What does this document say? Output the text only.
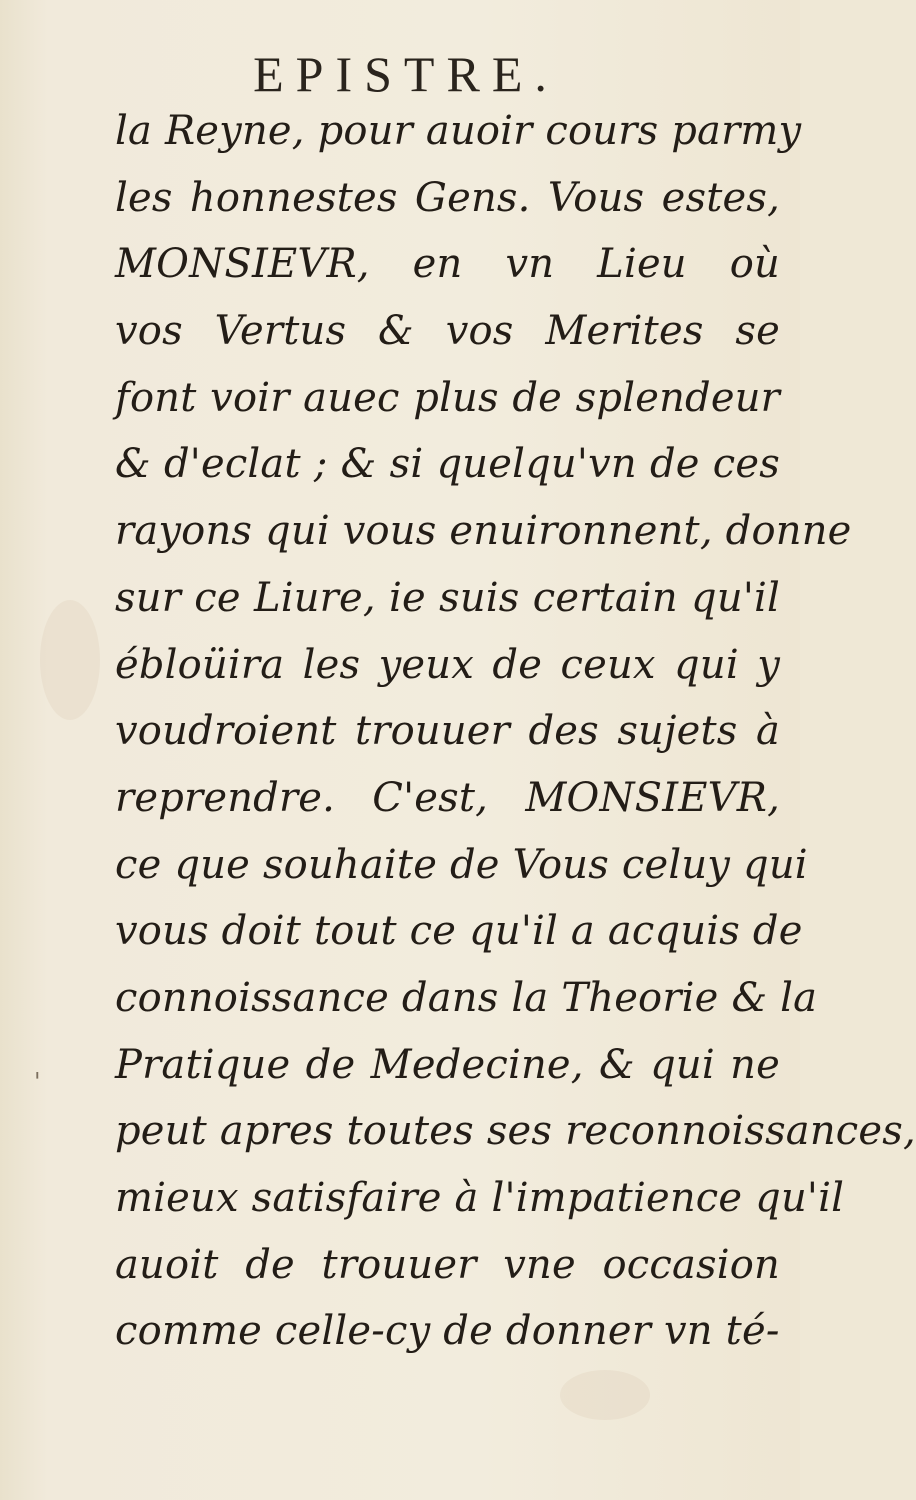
EPISTRE.
la Reyne, pour auoir cours parmy
les honnestes Gens. Vous estes,
MONSIEVR, en vn Lieu où
vos Vertus & vos Merites se
font voir auec plus de splendeur
& d'eclat ; & si quelqu'vn de ces
rayons qui vous enuironnent, donne
sur ce Liure, ie suis certain qu'il
ébloüira les yeux de ceux qui y
voudroient trouuer des sujets à
reprendre. C'est, MONSIEVR,
ce que souhaite de Vous celuy qui
vous doit tout ce qu'il a acquis de
connoissance dans la Theorie & la
Pratique de Medecine, & qui ne
peut apres toutes ses reconnoissances,
mieux satisfaire à l'impatience qu'il
auoit de trouuer vne occasion
comme celle-cy de donner vn té-
'
